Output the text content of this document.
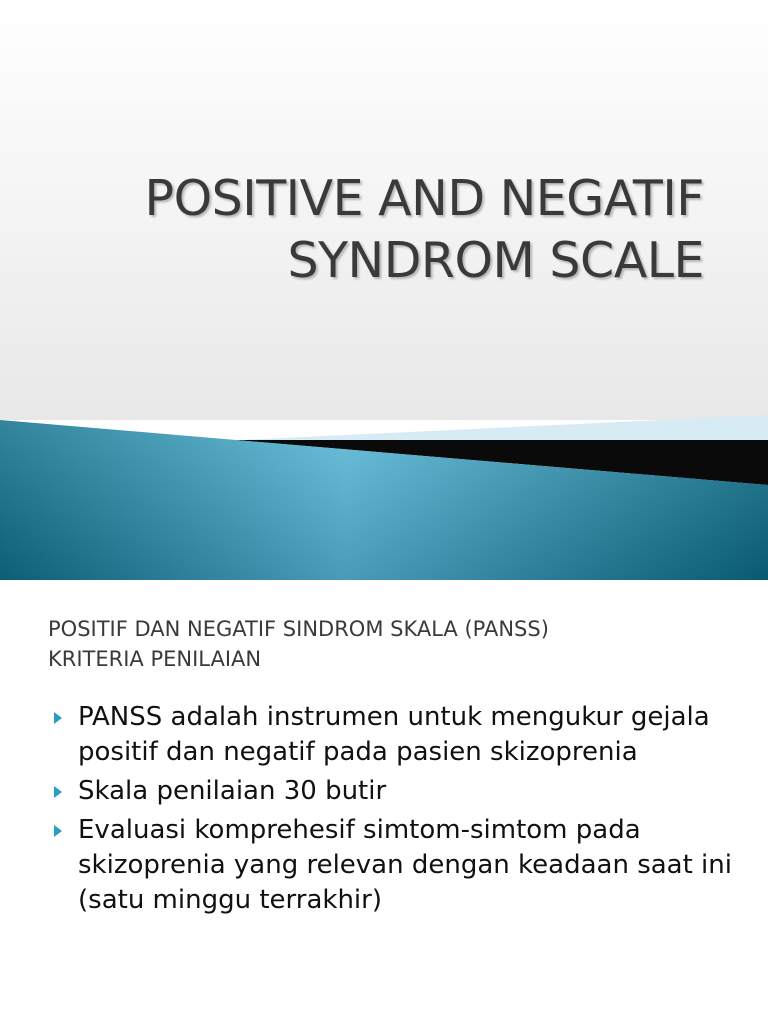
POSITIVE AND NEGATIF
SYNDROM SCALE
POSITIF DAN NEGATIF SINDROM SKALA (PANSS)
KRITERIA PENILAIAN
PANSS adalah instrumen untuk mengukur gejala positif dan negatif pada pasien skizoprenia
Skala penilaian 30 butir
Evaluasi komprehesif simtom-simtom pada skizoprenia yang relevan dengan keadaan saat ini (satu minggu terrakhir)
